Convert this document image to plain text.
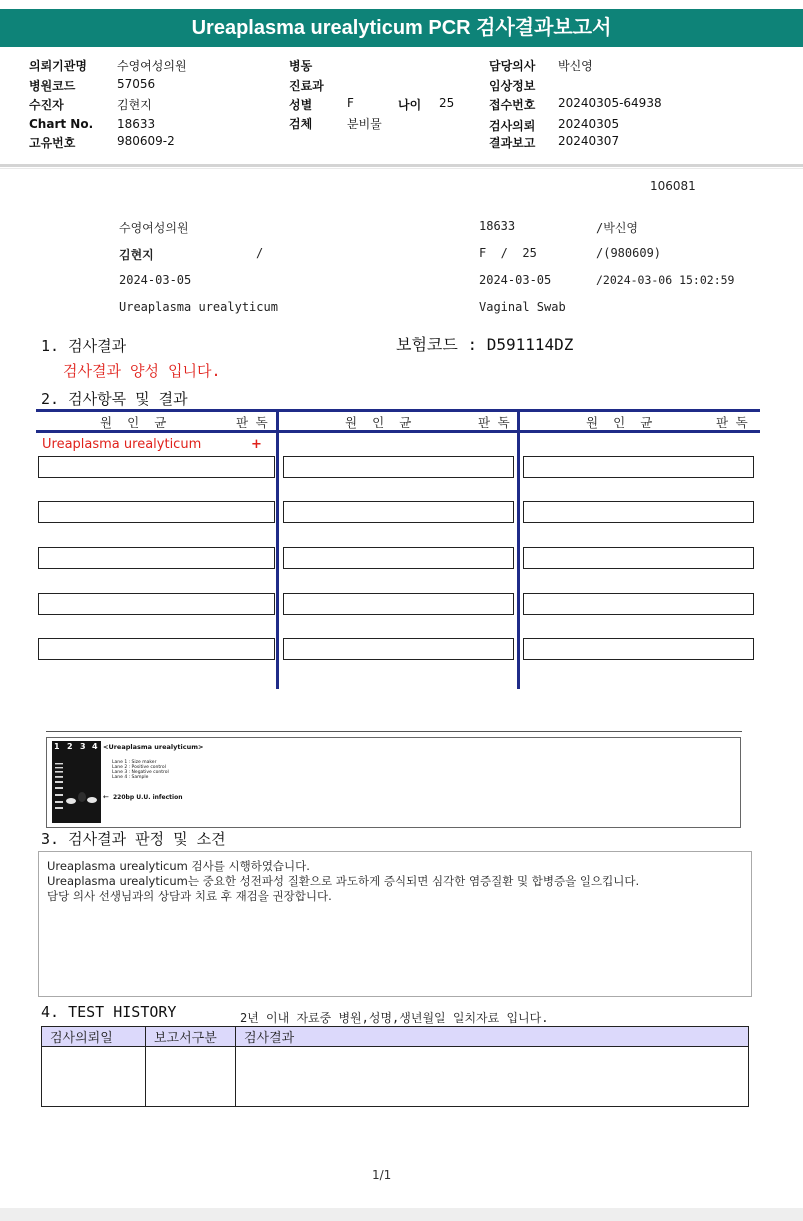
Ureaplasma urealyticum PCR 검사결과보고서
의뢰기관명	수영여성의원
병원코드	57056
수진자	김현지
Chart No. 18633
고유번호	980609-2
병동
진료과
성별	F	나이 25
검체	분비물
담당의사 박신영
임상정보
접수번호 20240305-64938
검사의뢰 20240305
결과보고 20240307
106081
수영여성의원	18633	/박신영
김현지	/	F  /  25	/(980609)
2024-03-05	2024-03-05	/2024-03-06 15:02:59
Ureaplasma urealyticum	Vaginal Swab
1. 검사결과	보험코드 : D591114DZ
검사결과 양성 입니다.
2. 검사항목 및 결과
원  인  균	판 독	원  인  균	판 독	원  인  균	판 독
Ureaplasma urealyticum	+
1 2 3 4 <Ureaplasma urealyticum>
Lane 1 : Size maker
Lane 2 : Positive control
Lane 3 : Negative control
Lane 4 : Sample
← 220bp U.U. infection
3. 검사결과 판정 및 소견
Ureaplasma urealyticum 검사를 시행하였습니다.
Ureaplasma urealyticum는 중요한 성전파성 질환으로 과도하게 증식되면 심각한 염증질환 및 합병증을 일으킵니다.
담당 의사 선생님과의 상담과 치료 후 재검을 권장합니다.
4. TEST HISTORY	2년 이내 자료중 병원,성명,생년월일 일치자료 입니다.
검사의뢰일	보고서구분	검사결과

1/1
